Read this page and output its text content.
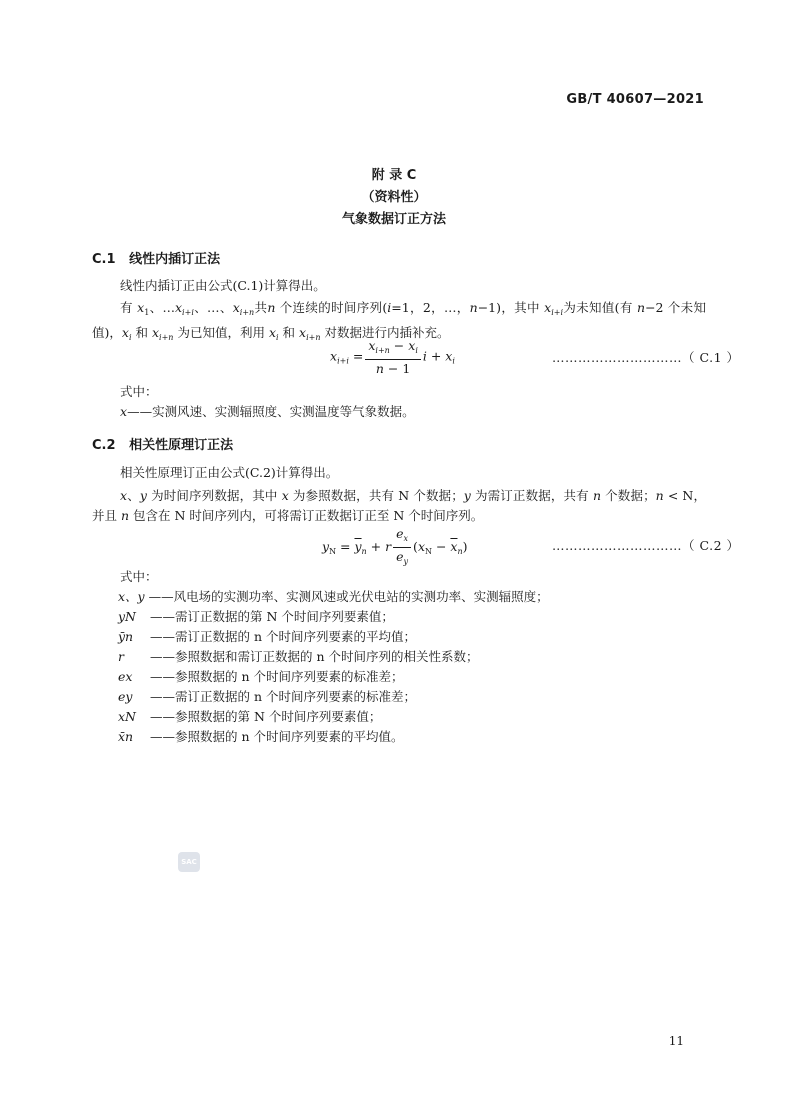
GB/T 40607—2021
附 录 C
（资料性）
气象数据订正方法
C.1 线性内插订正法
线性内插订正由公式(C.1)计算得出。
有 $x_1$、$\dots x_{i+i}$、…、$x_{i+n}$共n 个连续的时间序列(i=1，2，…，n−1)，其中 $x_{i+i}$为未知值(有 n−2 个未知值)，$x_i$ 和 $x_{i+n}$ 为已知值，利用 $x_i$ 和 $x_{i+n}$ 对数据进行内插补充。
$x_{i+i} = \frac{x_{i+n} - x_i}{n - 1}$ $i + x_i$	…………………………（ C.1 ）
式中：
x——实测风速、实测辐照度、实测温度等气象数据。
C.2 相关性原理订正法
相关性原理订正由公式(C.2)计算得出。
x、y 为时间序列数据，其中 x 为参照数据，共有 N 个数据；y 为需订正数据，共有 n 个数据；n < N，并且 n 包含在 N 时间序列内，可将需订正数据订正至 N 个时间序列。
$y_N = \overline{y}_n + r \frac{e_x}{e_y} (x_N - \overline{x}_n)$	…………………………（ C.2 ）
式中：
x、y ——风电场的实测功率、实测风速或光伏电站的实测功率、实测辐照度；
yN ——需订正数据的第 N 个时间序列要素值；
ȳn ——需订正数据的 n 个时间序列要素的平均值；
r ——参照数据和需订正数据的 n 个时间序列的相关性系数；
ex ——参照数据的 n 个时间序列要素的标准差；
ey ——需订正数据的 n 个时间序列要素的标准差；
xN ——参照数据的第 N 个时间序列要素值；
x̄n ——参照数据的 n 个时间序列要素的平均值。
SAC
11
